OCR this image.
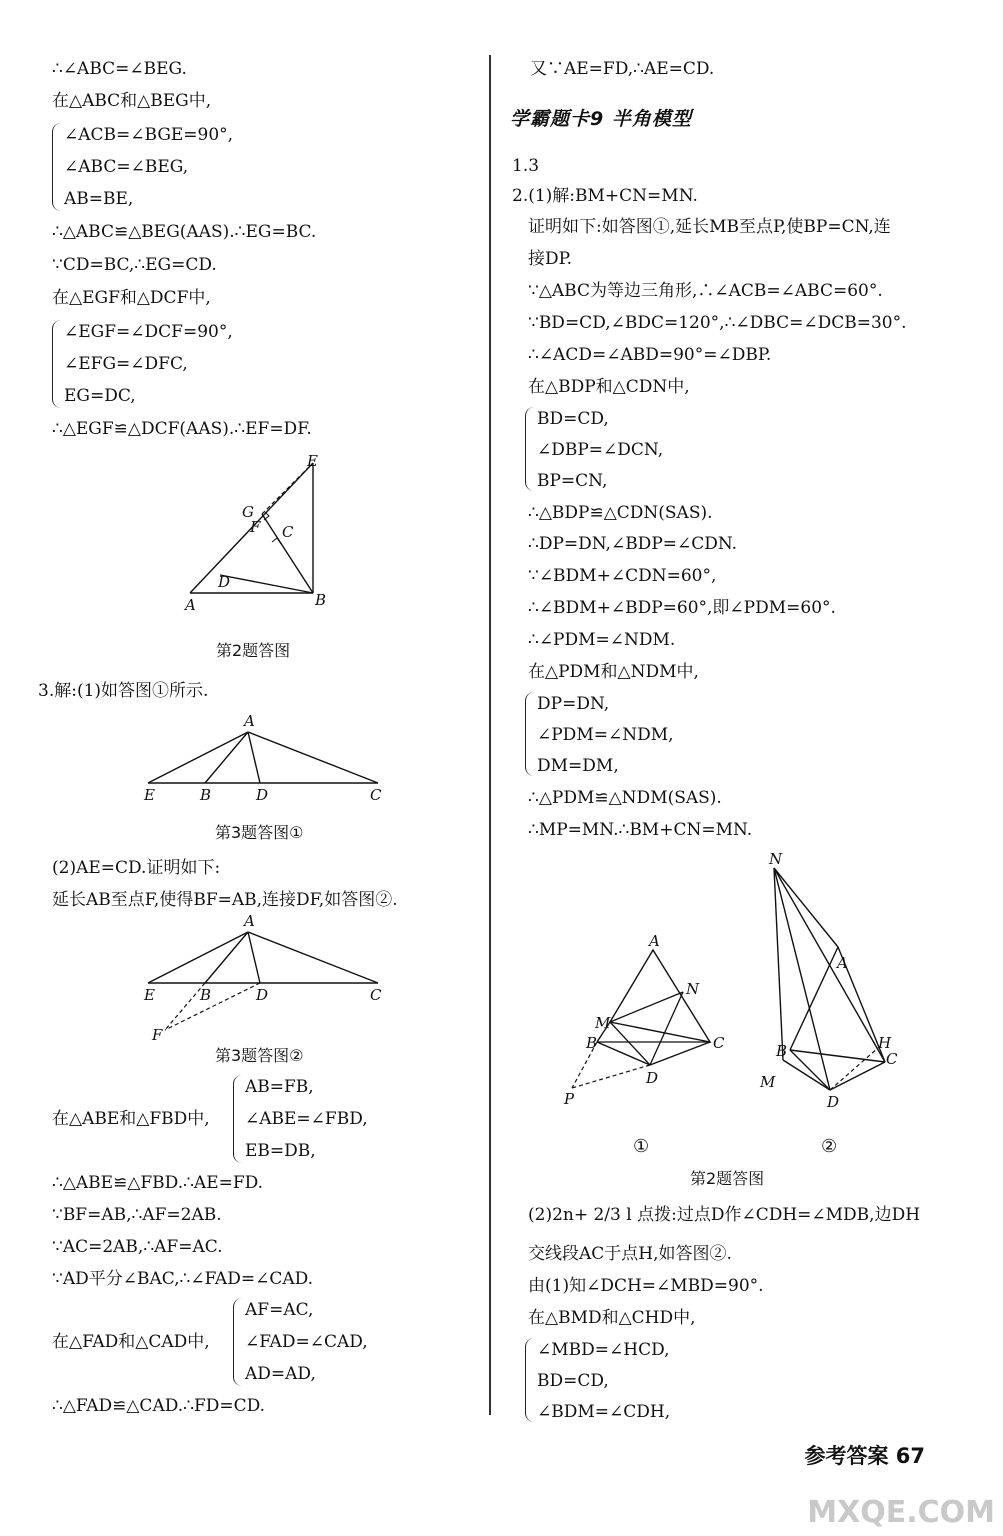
∴∠ABC=∠BEG.
在△ABC和△BEG中,
∠ACB=∠BGE=90°,
∠ABC=∠BEG,
AB=BE,
∴△ABC≌△BEG(AAS).∴EG=BC.
∵CD=BC,∴EG=CD.
在△EGF和△DCF中,
∠EGF=∠DCF=90°,
∠EFG=∠DFC,
EG=DC,
∴△EGF≌△DCF(AAS).∴EF=DF.
A	B
E
C
D
F
G
第2题答图
3.解:(1)如答图①所示.
A
E	B	D	C
第3题答图①
(2)AE=CD.证明如下:
延长AB至点F,使得BF=AB,连接DF,如答图②.
A
E	B	D	C
F
第3题答图②
在△ABE和△FBD中,
AB=FB,
∠ABE=∠FBD,
EB=DB,
∴△ABE≌△FBD.∴AE=FD.
∵BF=AB,∴AF=2AB.
∵AC=2AB,∴AF=AC.
∵AD平分∠BAC,∴∠FAD=∠CAD.
在△FAD和△CAD中,
AF=AC,
∠FAD=∠CAD,
AD=AD,
∴△FAD≌△CAD.∴FD=CD.
又∵AE=FD,∴AE=CD.
学霸题卡9 半角模型
1.3
2.(1)解:BM+CN=MN.
证明如下:如答图①,延长MB至点P,使BP=CN,连
接DP.
∵△ABC为等边三角形,∴∠ACB=∠ABC=60°.
∵BD=CD,∠BDC=120°,∴∠DBC=∠DCB=30°.
∴∠ACD=∠ABD=90°=∠DBP.
在△BDP和△CDN中,
BD=CD,
∠DBP=∠DCN,
BP=CN,
∴△BDP≌△CDN(SAS).
∴DP=DN,∠BDP=∠CDN.
∵∠BDM+∠CDN=60°,
∴∠BDM+∠BDP=60°,即∠PDM=60°.
∴∠PDM=∠NDM.
在△PDM和△NDM中,
DP=DN,
∠PDM=∠NDM,
DM=DM,
∴△PDM≌△NDM(SAS).
∴MP=MN.∴BM+CN=MN.
A
M
B	C
N
D
P
N
A
B	C
H
M
D
①	②
第2题答图
(2)2n+ 2/3 l 点拨:过点D作∠CDH=∠MDB,边DH
交线段AC于点H,如答图②.
由(1)知∠DCH=∠MBD=90°.
在△BMD和△CHD中,
∠MBD=∠HCD,
BD=CD,
∠BDM=∠CDH,
参考答案 67
MXQE.COM
